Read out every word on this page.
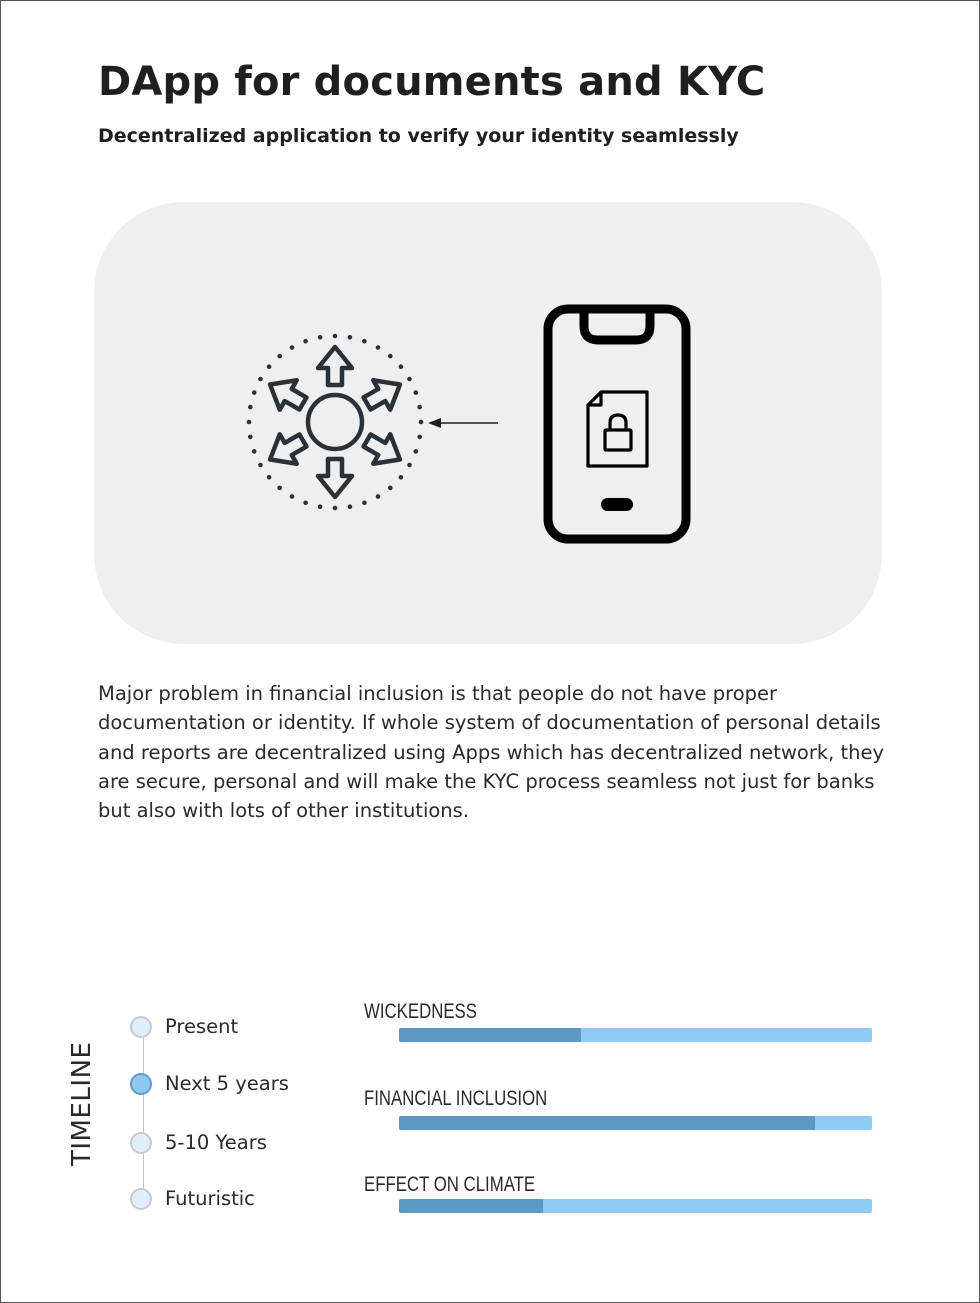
DApp for documents and KYC
Decentralized application to verify your identity seamlessly
Major problem in financial inclusion is that people do not have proper documentation or identity. If whole system of documentation of personal details and reports are decentralized using Apps which has decentralized network, they are secure, personal and will make the KYC process seamless not just for banks but also with lots of other institutions.
TIMELINE
Present
Next 5 years
5-10 Years
Futuristic
WICKEDNESS
FINANCIAL INCLUSION
EFFECT ON CLIMATE
